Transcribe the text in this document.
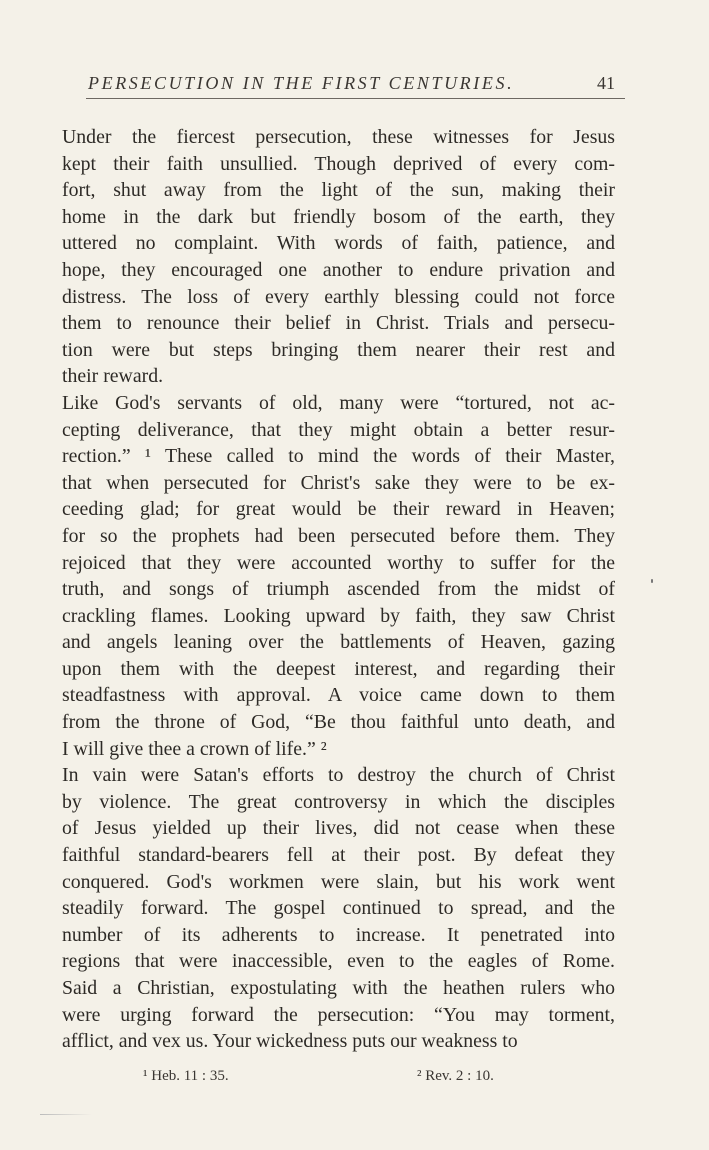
PERSECUTION IN THE FIRST CENTURIES.	41
Under the fiercest persecution, these witnesses for Jesus
kept their faith unsullied. Though deprived of every com-
fort, shut away from the light of the sun, making their
home in the dark but friendly bosom of the earth, they
uttered no complaint. With words of faith, patience, and
hope, they encouraged one another to endure privation and
distress. The loss of every earthly blessing could not force
them to renounce their belief in Christ. Trials and persecu-
tion were but steps bringing them nearer their rest and
their reward.
Like God's servants of old, many were “tortured, not ac-
cepting deliverance, that they might obtain a better resur-
rection.” ¹ These called to mind the words of their Master,
that when persecuted for Christ's sake they were to be ex-
ceeding glad; for great would be their reward in Heaven;
for so the prophets had been persecuted before them. They
rejoiced that they were accounted worthy to suffer for the
truth, and songs of triumph ascended from the midst of
crackling flames. Looking upward by faith, they saw Christ
and angels leaning over the battlements of Heaven, gazing
upon them with the deepest interest, and regarding their
steadfastness with approval. A voice came down to them
from the throne of God, “Be thou faithful unto death, and
I will give thee a crown of life.” ²
In vain were Satan's efforts to destroy the church of Christ
by violence. The great controversy in which the disciples
of Jesus yielded up their lives, did not cease when these
faithful standard-bearers fell at their post. By defeat they
conquered. God's workmen were slain, but his work went
steadily forward. The gospel continued to spread, and the
number of its adherents to increase. It penetrated into
regions that were inaccessible, even to the eagles of Rome.
Said a Christian, expostulating with the heathen rulers who
were urging forward the persecution: “You may torment,
afflict, and vex us. Your wickedness puts our weakness to
¹ Heb. 11 : 35.	² Rev. 2 : 10.
